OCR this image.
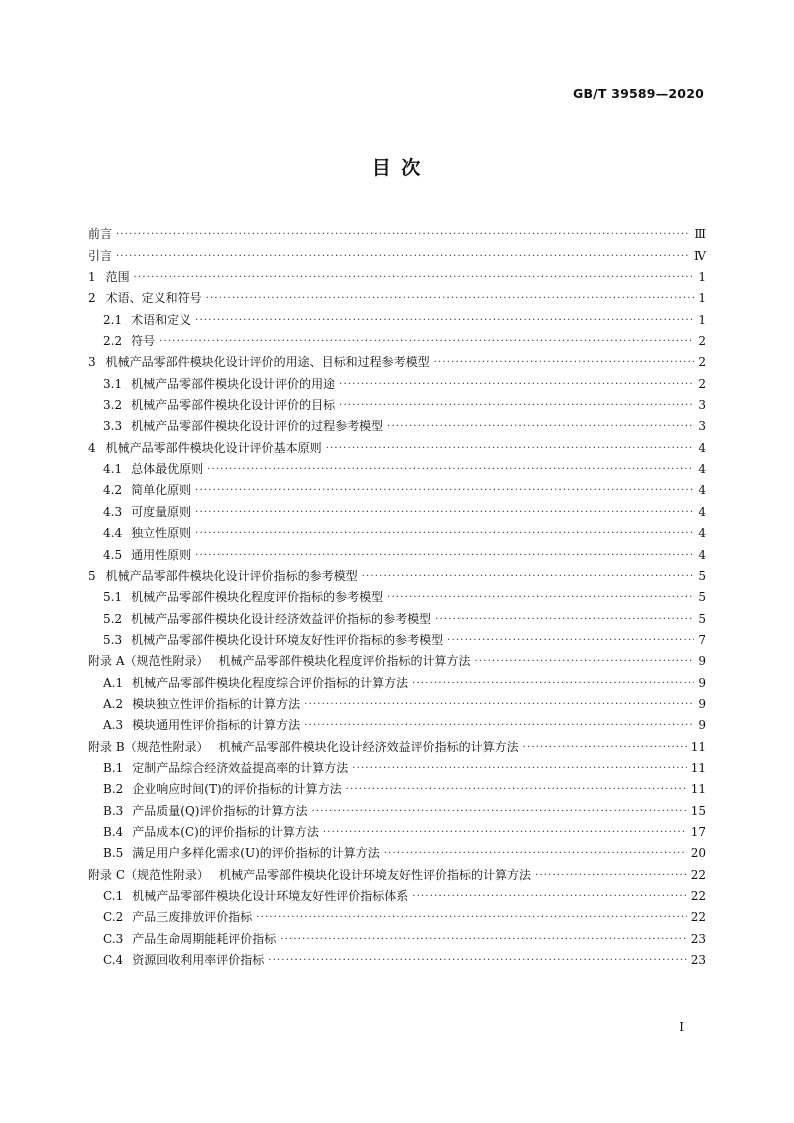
GB/T 39589—2020
目 次
前言 ·····	Ⅲ
引言 ·····	Ⅳ
1 范围 ·····	1
2 术语、定义和符号 ·····	1
2.1 术语和定义 ·····	1
2.2 符号 ·····	2
3 机械产品零部件模块化设计评价的用途、目标和过程参考模型 ·····	2
3.1 机械产品零部件模块化设计评价的用途 ·····	2
3.2 机械产品零部件模块化设计评价的目标 ·····	3
3.3 机械产品零部件模块化设计评价的过程参考模型 ·····	3
4 机械产品零部件模块化设计评价基本原则 ·····	4
4.1 总体最优原则 ·····	4
4.2 简单化原则 ·····	4
4.3 可度量原则 ·····	4
4.4 独立性原则 ·····	4
4.5 通用性原则 ·····	4
5 机械产品零部件模块化设计评价指标的参考模型 ·····	5
5.1 机械产品零部件模块化程度评价指标的参考模型 ·····	5
5.2 机械产品零部件模块化设计经济效益评价指标的参考模型 ·····	5
5.3 机械产品零部件模块化设计环境友好性评价指标的参考模型 ·····	7
附录 A（规范性附录） 机械产品零部件模块化程度评价指标的计算方法 ·····	9
A.1 机械产品零部件模块化程度综合评价指标的计算方法 ·····	9
A.2 模块独立性评价指标的计算方法 ·····	9
A.3 模块通用性评价指标的计算方法 ·····	9
附录 B（规范性附录） 机械产品零部件模块化设计经济效益评价指标的计算方法 ·····	11
B.1 定制产品综合经济效益提高率的计算方法 ·····	11
B.2 企业响应时间(T)的评价指标的计算方法 ·····	11
B.3 产品质量(Q)评价指标的计算方法 ·····	15
B.4 产品成本(C)的评价指标的计算方法 ·····	17
B.5 满足用户多样化需求(U)的评价指标的计算方法 ·····	20
附录 C（规范性附录） 机械产品零部件模块化设计环境友好性评价指标的计算方法 ·····	22
C.1 机械产品零部件模块化设计环境友好性评价指标体系 ·····	22
C.2 产品三废排放评价指标 ·····	22
C.3 产品生命周期能耗评价指标 ·····	23
C.4 资源回收利用率评价指标 ·····	23
Ⅰ
